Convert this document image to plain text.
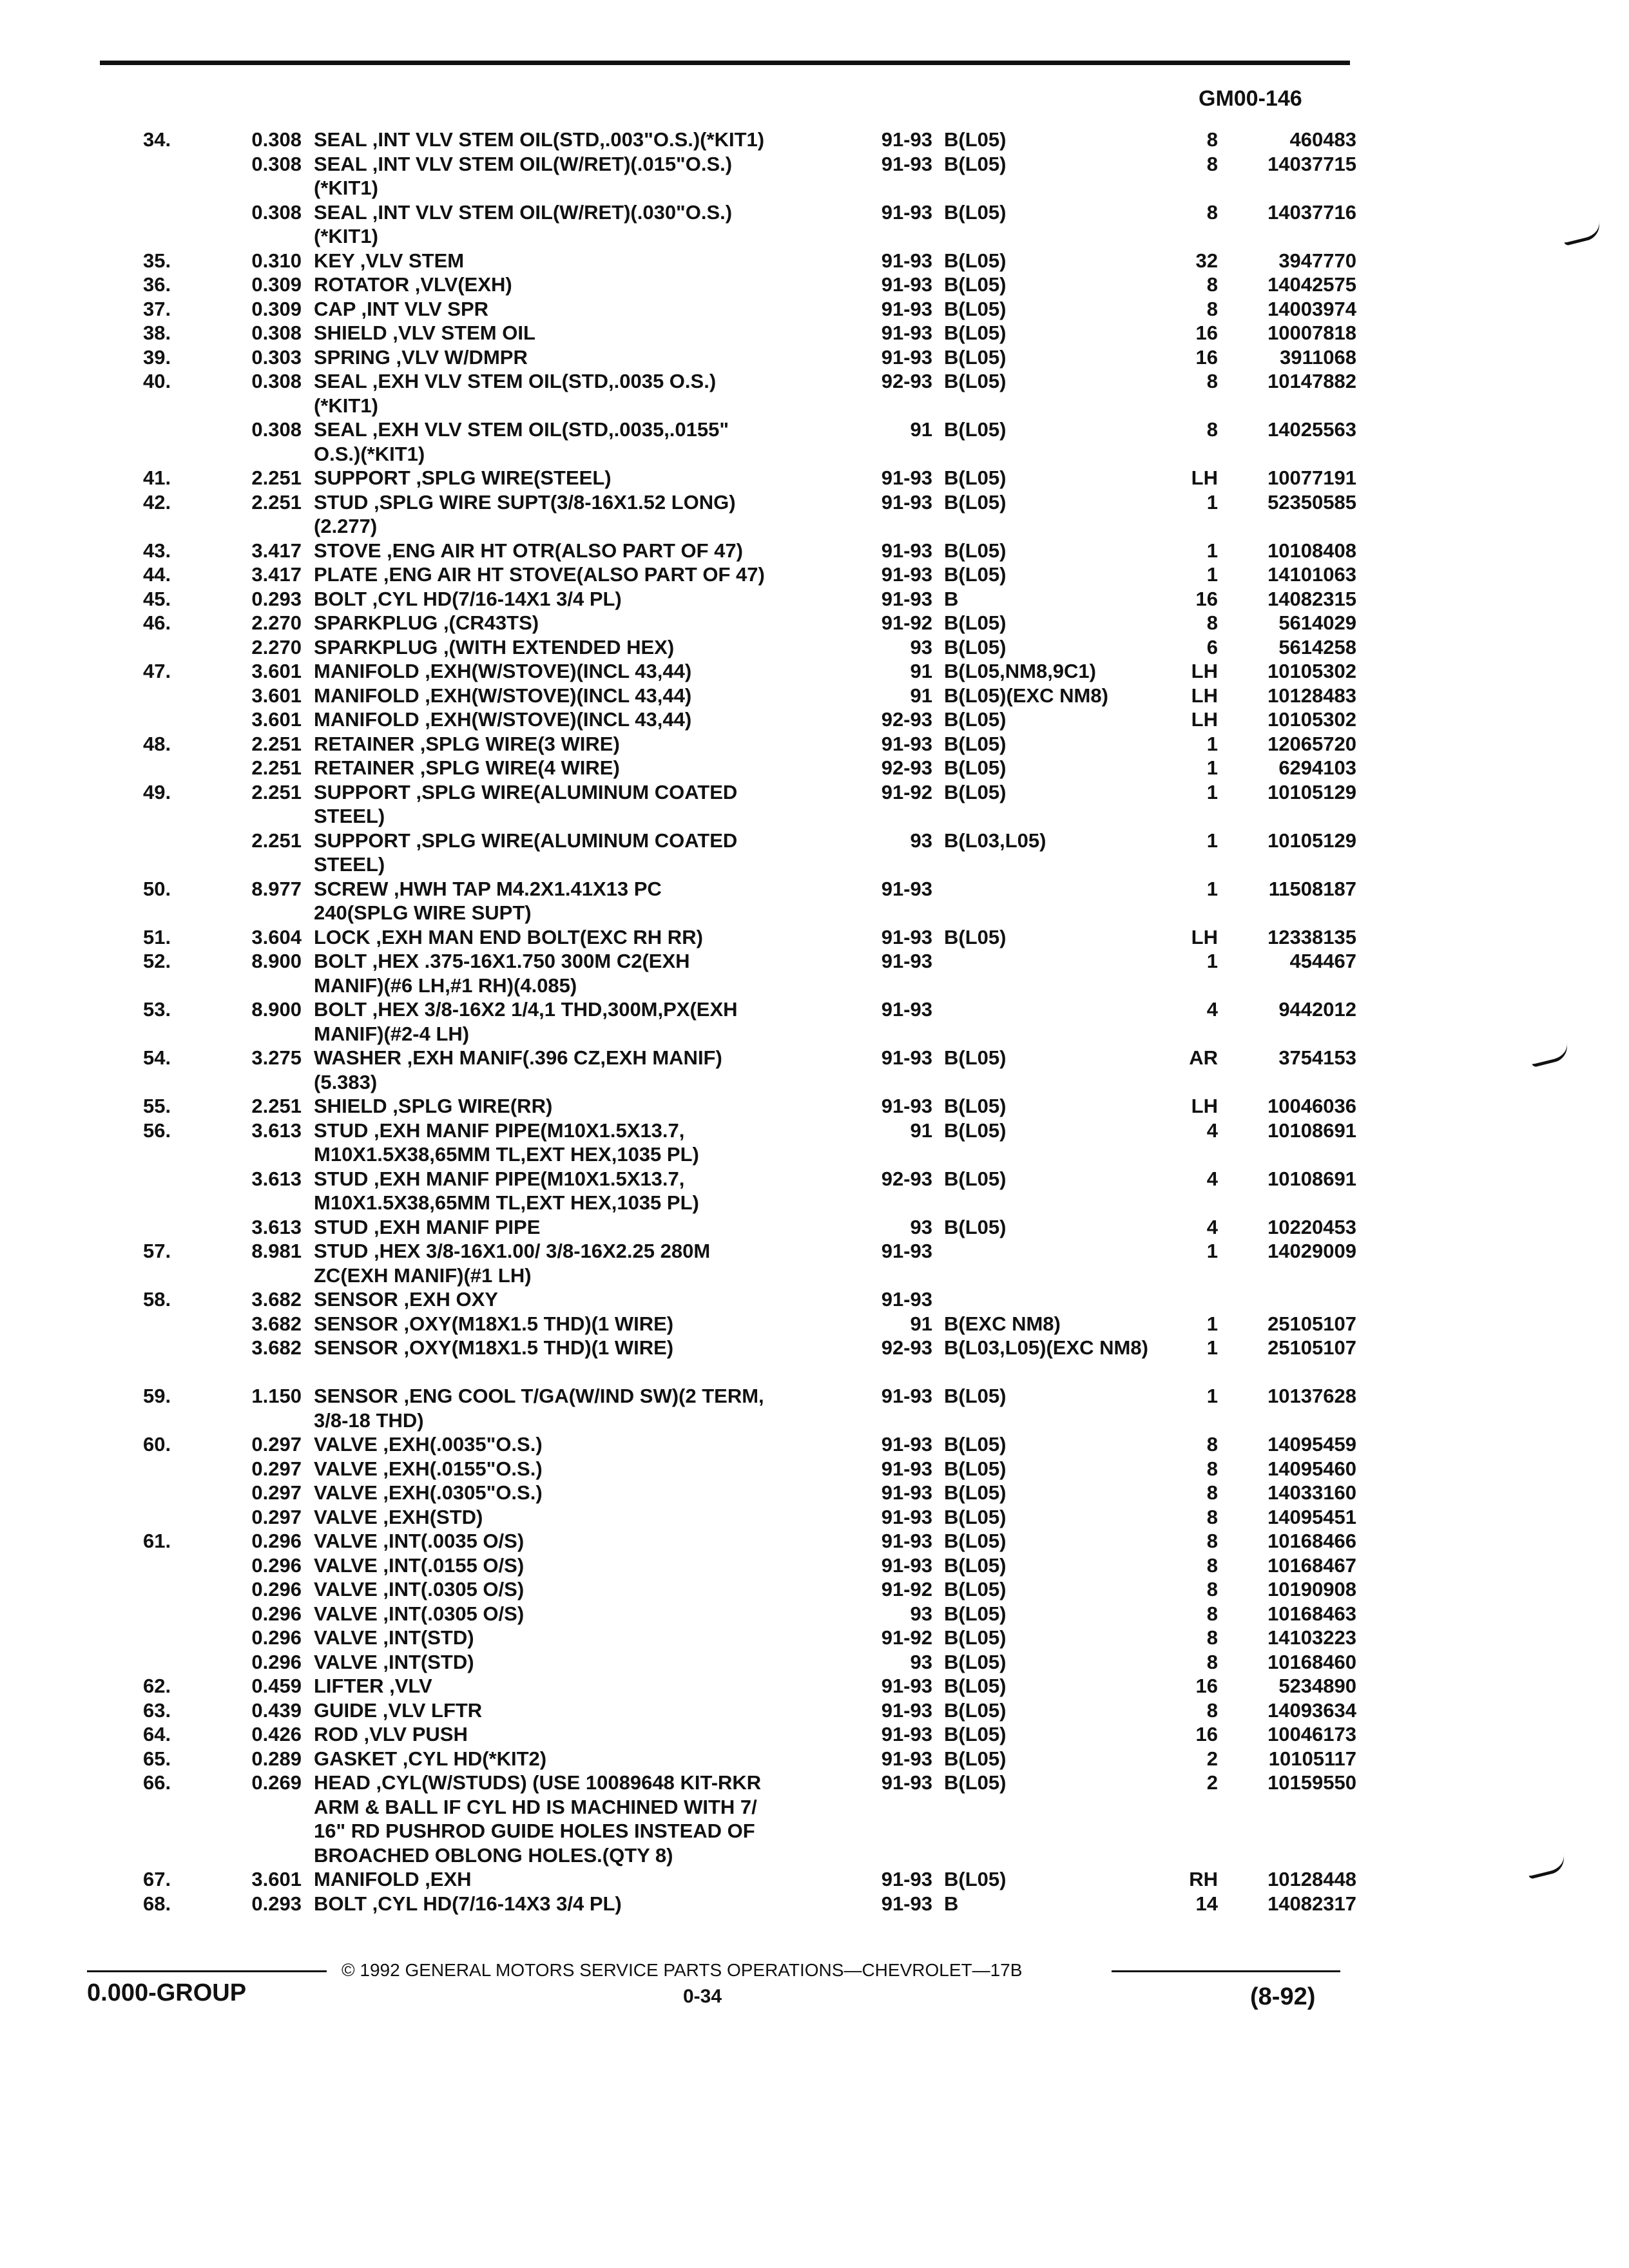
GM00-146
34.	0.308 SEAL ,INT VLV STEM OIL(STD,.003"O.S.)(*KIT1)	91-93 B(L05)	8	460483
0.308 SEAL ,INT VLV STEM OIL(W/RET)(.015"O.S.)
(*KIT1)
91-93 B(L05)	8	14037715
0.308 SEAL ,INT VLV STEM OIL(W/RET)(.030"O.S.)
(*KIT1)
91-93 B(L05)	8	14037716
35.	0.310 KEY ,VLV STEM	91-93 B(L05)	32	3947770
36.	0.309 ROTATOR ,VLV(EXH)	91-93 B(L05)	8	14042575
37.	0.309 CAP ,INT VLV SPR	91-93 B(L05)	8	14003974
38.	0.308 SHIELD ,VLV STEM OIL	91-93 B(L05)	16	10007818
39.	0.303 SPRING ,VLV W/DMPR	91-93 B(L05)	16	3911068
40.	0.308 SEAL ,EXH VLV STEM OIL(STD,.0035 O.S.)
(*KIT1)
92-93 B(L05)	8	10147882
0.308 SEAL ,EXH VLV STEM OIL(STD,.0035,.0155"
O.S.)(*KIT1)
91 B(L05)	8	14025563
41.	2.251 SUPPORT ,SPLG WIRE(STEEL)	91-93 B(L05)	LH	10077191
42.	2.251 STUD ,SPLG WIRE SUPT(3/8-16X1.52 LONG)
(2.277)
91-93 B(L05)	1	52350585
43.	3.417 STOVE ,ENG AIR HT OTR(ALSO PART OF 47)	91-93 B(L05)	1	10108408
44.	3.417 PLATE ,ENG AIR HT STOVE(ALSO PART OF 47)	91-93 B(L05)	1	14101063
45.	0.293 BOLT ,CYL HD(7/16-14X1 3/4 PL)	91-93 B	16	14082315
46.	2.270 SPARKPLUG ,(CR43TS)	91-92 B(L05)	8	5614029
2.270 SPARKPLUG ,(WITH EXTENDED HEX)	93 B(L05)	6	5614258
47.	3.601 MANIFOLD ,EXH(W/STOVE)(INCL 43,44)	91 B(L05,NM8,9C1)	LH	10105302
3.601 MANIFOLD ,EXH(W/STOVE)(INCL 43,44)	91 B(L05)(EXC NM8)	LH	10128483
3.601 MANIFOLD ,EXH(W/STOVE)(INCL 43,44)	92-93 B(L05)	LH	10105302
48.	2.251 RETAINER ,SPLG WIRE(3 WIRE)	91-93 B(L05)	1	12065720
2.251 RETAINER ,SPLG WIRE(4 WIRE)	92-93 B(L05)	1	6294103
49.	2.251 SUPPORT ,SPLG WIRE(ALUMINUM COATED
STEEL)
91-92 B(L05)	1	10105129
2.251 SUPPORT ,SPLG WIRE(ALUMINUM COATED
STEEL)
93 B(L03,L05)	1	10105129
50.	8.977 SCREW ,HWH TAP M4.2X1.41X13 PC
240(SPLG WIRE SUPT)
91-93	1	11508187
51.	3.604 LOCK ,EXH MAN END BOLT(EXC RH RR)	91-93 B(L05)	LH	12338135
52.	8.900 BOLT ,HEX .375-16X1.750 300M C2(EXH
MANIF)(#6 LH,#1 RH)(4.085)
91-93	1	454467
53.	8.900 BOLT ,HEX 3/8-16X2 1/4,1 THD,300M,PX(EXH
MANIF)(#2-4 LH)
91-93	4	9442012
54.	3.275 WASHER ,EXH MANIF(.396 CZ,EXH MANIF)
(5.383)
91-93 B(L05)	AR	3754153
55.	2.251 SHIELD ,SPLG WIRE(RR)	91-93 B(L05)	LH	10046036
56.	3.613 STUD ,EXH MANIF PIPE(M10X1.5X13.7,
M10X1.5X38,65MM TL,EXT HEX,1035 PL)
91 B(L05)	4	10108691
3.613 STUD ,EXH MANIF PIPE(M10X1.5X13.7,
M10X1.5X38,65MM TL,EXT HEX,1035 PL)
92-93 B(L05)	4	10108691
3.613 STUD ,EXH MANIF PIPE	93 B(L05)	4	10220453
57.	8.981 STUD ,HEX 3/8-16X1.00/ 3/8-16X2.25 280M
ZC(EXH MANIF)(#1 LH)
91-93	1	14029009
58.	3.682 SENSOR ,EXH OXY	91-93
3.682 SENSOR ,OXY(M18X1.5 THD)(1 WIRE)	91 B(EXC NM8)	1	25105107
3.682 SENSOR ,OXY(M18X1.5 THD)(1 WIRE)	92-93 B(L03,L05)(EXC NM8)	1	25105107
59.	1.150 SENSOR ,ENG COOL T/GA(W/IND SW)(2 TERM,
3/8-18 THD)
91-93 B(L05)	1	10137628
60.	0.297 VALVE ,EXH(.0035"O.S.)	91-93 B(L05)	8	14095459
0.297 VALVE ,EXH(.0155"O.S.)	91-93 B(L05)	8	14095460
0.297 VALVE ,EXH(.0305"O.S.)	91-93 B(L05)	8	14033160
0.297 VALVE ,EXH(STD)	91-93 B(L05)	8	14095451
61.	0.296 VALVE ,INT(.0035 O/S)	91-93 B(L05)	8	10168466
0.296 VALVE ,INT(.0155 O/S)	91-93 B(L05)	8	10168467
0.296 VALVE ,INT(.0305 O/S)	91-92 B(L05)	8	10190908
0.296 VALVE ,INT(.0305 O/S)	93 B(L05)	8	10168463
0.296 VALVE ,INT(STD)	91-92 B(L05)	8	14103223
0.296 VALVE ,INT(STD)	93 B(L05)	8	10168460
62.	0.459 LIFTER ,VLV	91-93 B(L05)	16	5234890
63.	0.439 GUIDE ,VLV LFTR	91-93 B(L05)	8	14093634
64.	0.426 ROD ,VLV PUSH	91-93 B(L05)	16	10046173
65.	0.289 GASKET ,CYL HD(*KIT2)	91-93 B(L05)	2	10105117
66.	0.269 HEAD ,CYL(W/STUDS) (USE 10089648 KIT-RKR
ARM & BALL IF CYL HD IS MACHINED WITH 7/
16" RD PUSHROD GUIDE HOLES INSTEAD OF
BROACHED OBLONG HOLES.(QTY 8)
91-93 B(L05)	2	10159550
67.	3.601 MANIFOLD ,EXH	91-93 B(L05)	RH	10128448
68.	0.293 BOLT ,CYL HD(7/16-14X3 3/4 PL)	91-93 B	14	14082317
© 1992 GENERAL MOTORS SERVICE PARTS OPERATIONS—CHEVROLET—17B
0.000-GROUP	0-34	(8-92)
